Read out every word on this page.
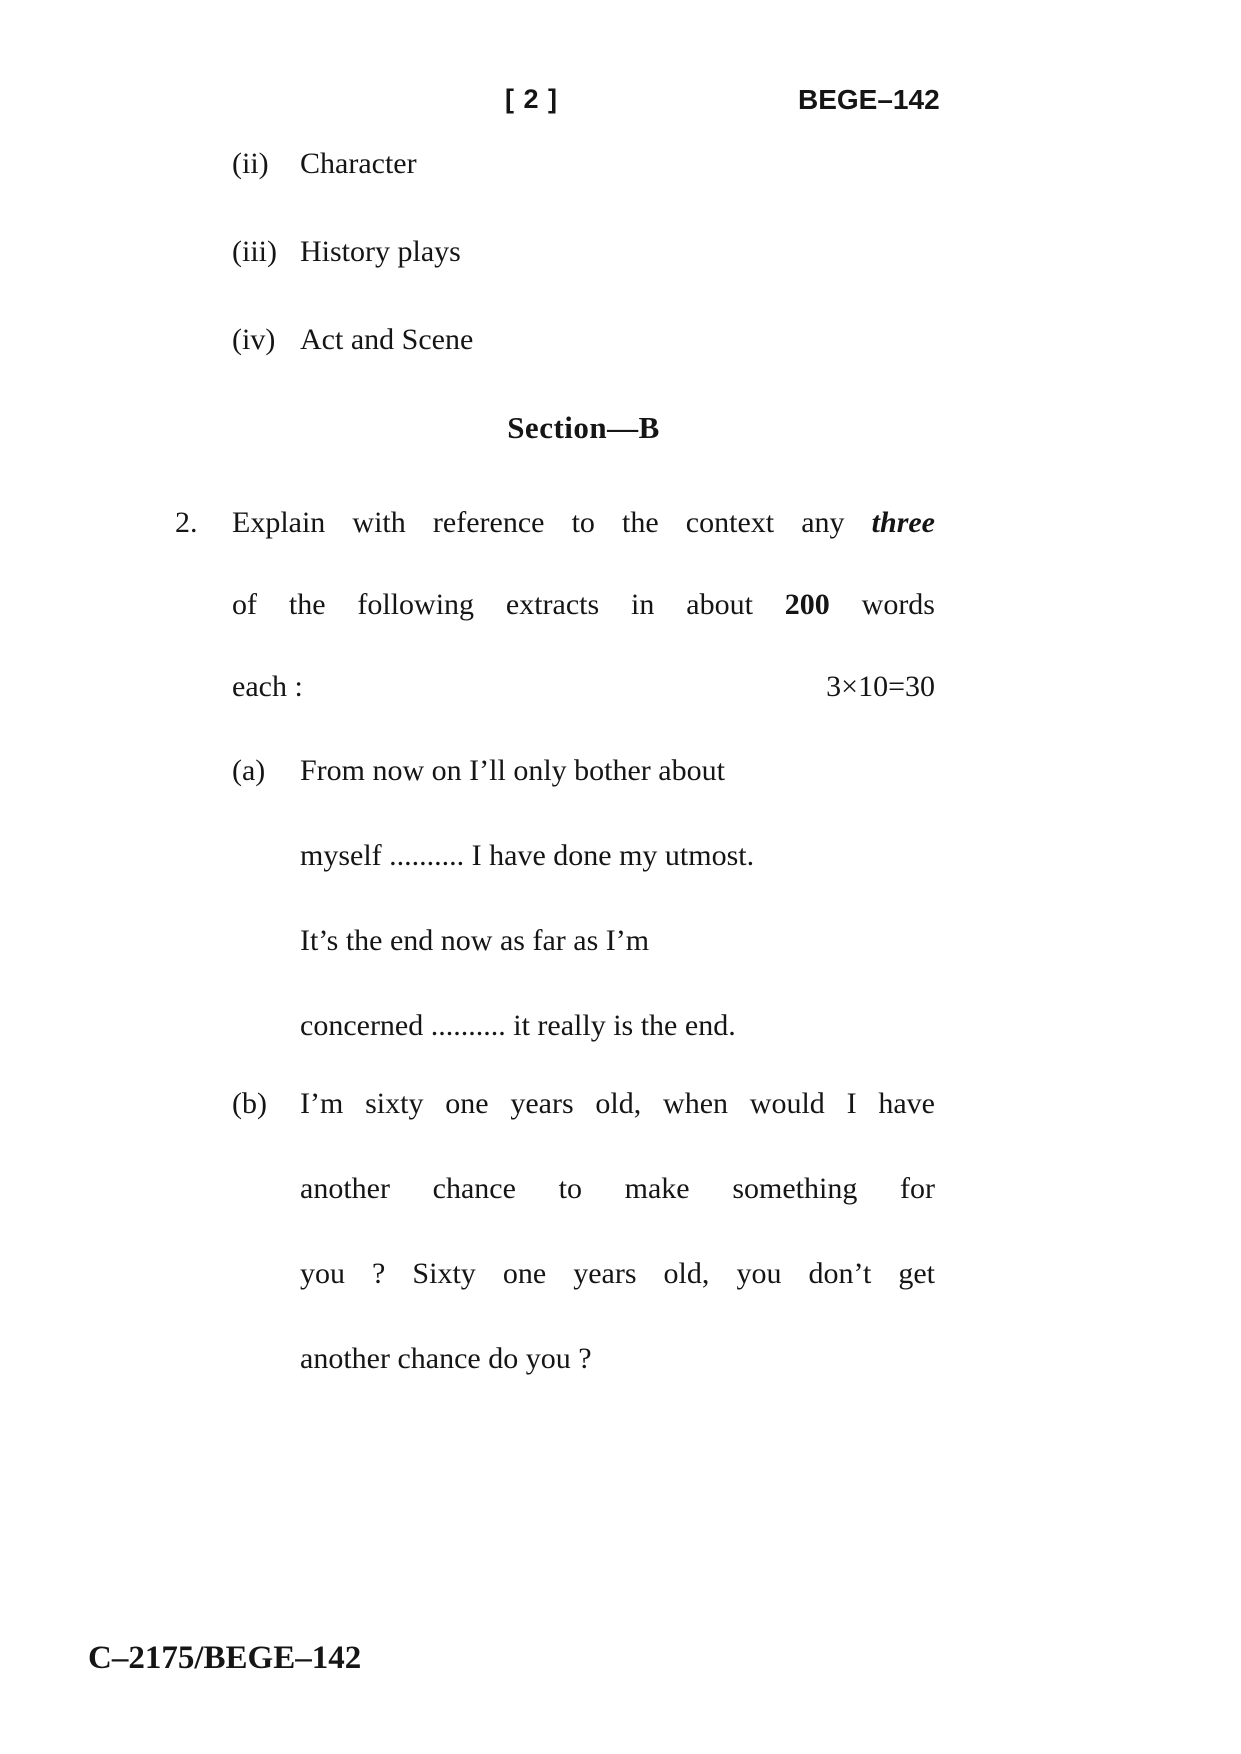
[ 2 ]	BEGE–142
(ii)	Character
(iii) History plays
(iv) Act and Scene
Section—B
2. Explain with reference to the context any three
of the following extracts in about 200 words
each :	3×10=30
(a)	From now on I’ll only bother about
myself .......... I have done my utmost.
It’s the end now as far as I’m
concerned .......... it really is the end.
(b)	I’m sixty one years old, when would I have
another chance to make something for
you ? Sixty one years old, you don’t get
another chance do you ?
C–2175/BEGE–142
